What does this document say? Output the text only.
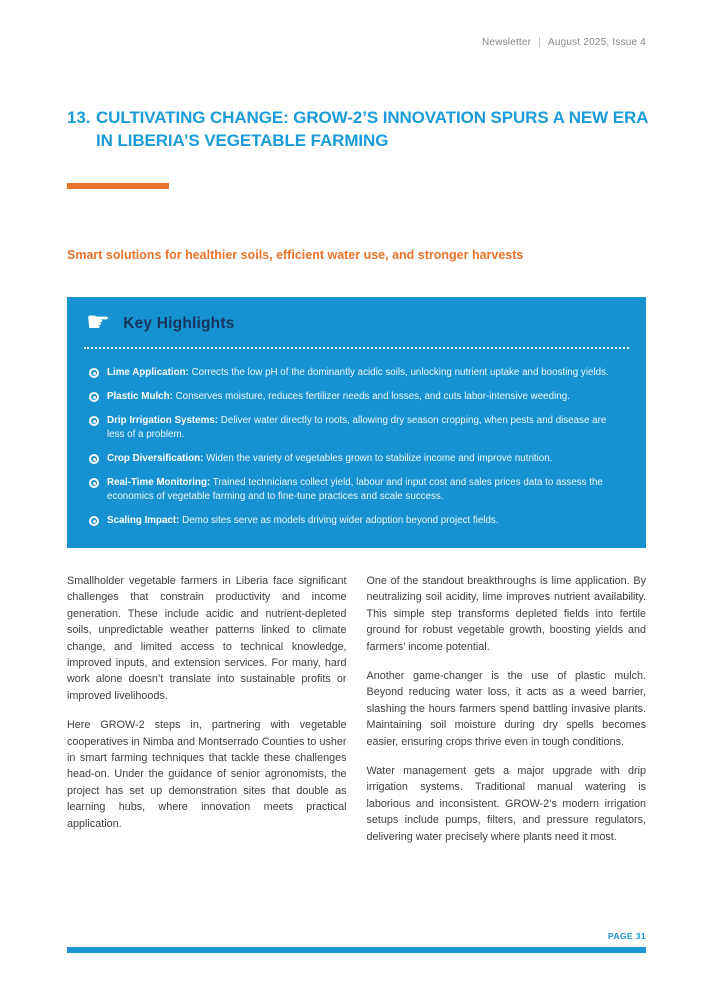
Newsletter | August 2025, Issue 4
13. CULTIVATING CHANGE: GROW-2’S INNOVATION SPURS A NEW ERA
IN LIBERIA’S VEGETABLE FARMING
Smart solutions for healthier soils, efficient water use, and stronger harvests
☛ Key Highlights
Lime Application: Corrects the low pH of the dominantly acidic soils, unlocking nutrient uptake and boosting yields.
Plastic Mulch: Conserves moisture, reduces fertilizer needs and losses, and cuts labor-intensive weeding.
Drip Irrigation Systems: Deliver water directly to roots, allowing dry season cropping, when pests and disease are less of a problem.
Crop Diversification: Widen the variety of vegetables grown to stabilize income and improve nutrition.
Real-Time Monitoring: Trained technicians collect yield, labour and input cost and sales prices data to assess the economics of vegetable farming and to fine-tune practices and scale success.
Scaling Impact: Demo sites serve as models driving wider adoption beyond project fields.

Smallholder vegetable farmers in Liberia face significant challenges that constrain productivity and income generation. These include acidic and nutrient-depleted soils, unpredictable weather patterns linked to climate change, and limited access to technical knowledge, improved inputs, and extension services. For many, hard work alone doesn’t translate into sustainable profits or improved livelihoods.

Here GROW-2 steps in, partnering with vegetable cooperatives in Nimba and Montserrado Counties to usher in smart farming techniques that tackle these challenges head-on. Under the guidance of senior agronomists, the project has set up demonstration sites that double as learning hubs, where innovation meets practical application.

One of the standout breakthroughs is lime application. By neutralizing soil acidity, lime improves nutrient availability. This simple step transforms depleted fields into fertile ground for robust vegetable growth, boosting yields and farmers’ income potential.

Another game-changer is the use of plastic mulch. Beyond reducing water loss, it acts as a weed barrier, slashing the hours farmers spend battling invasive plants. Maintaining soil moisture during dry spells becomes easier, ensuring crops thrive even in tough conditions.

Water management gets a major upgrade with drip irrigation systems. Traditional manual watering is laborious and inconsistent. GROW-2’s modern irrigation setups include pumps, filters, and pressure regulators, delivering water precisely where plants need it most.

PAGE 31
